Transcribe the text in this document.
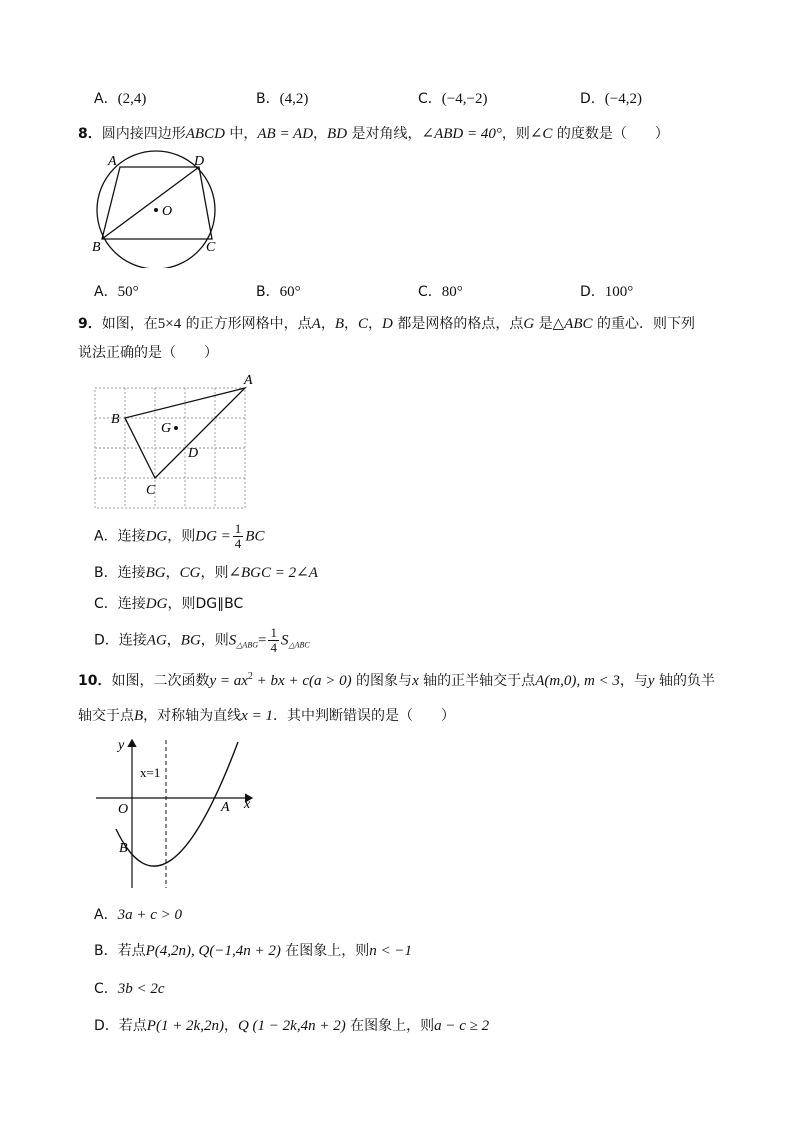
A．(2,4)	B．(4,2)	C．(−4,−2)	D．(−4,2)
8．圆内接四边形ABCD 中，AB = AD，BD 是对角线，∠ABD = 40°，则∠C 的度数是（　　）
A	D
O
B	C
A．50°	B．60°	C．80°	D．100°
9．如图，在5×4 的正方形网格中，点A，B，C，D 都是网格的格点，点G 是△ABC 的重心．则下列
说法正确的是（　　）
A
B
G
D
C
A．连接DG，则DG = $\frac{1}{4}$ BC
B．连接BG，CG，则∠BGC = 2∠A
C．连接DG，则DG∥BC
D．连接AG，BG，则$S_{\triangle ABG}= \frac{1}{4} S_{\triangle ABC}$
10．如图，二次函数$y = ax^2$ + bx + c(a > 0) 的图象与x 轴的正半轴交于点A(m,0), m < 3，与y 轴的负半
轴交于点B，对称轴为直线x = 1．其中判断错误的是（　　）
y
x
x=1
O	A
B
A．3a + c > 0
B．若点P(4,2n), Q(−1,4n + 2) 在图象上，则n < −1
C．3b < 2c
D．若点P(1 + 2k,2n)，Q (1 − 2k,4n + 2) 在图象上，则a − c ≥ 2
